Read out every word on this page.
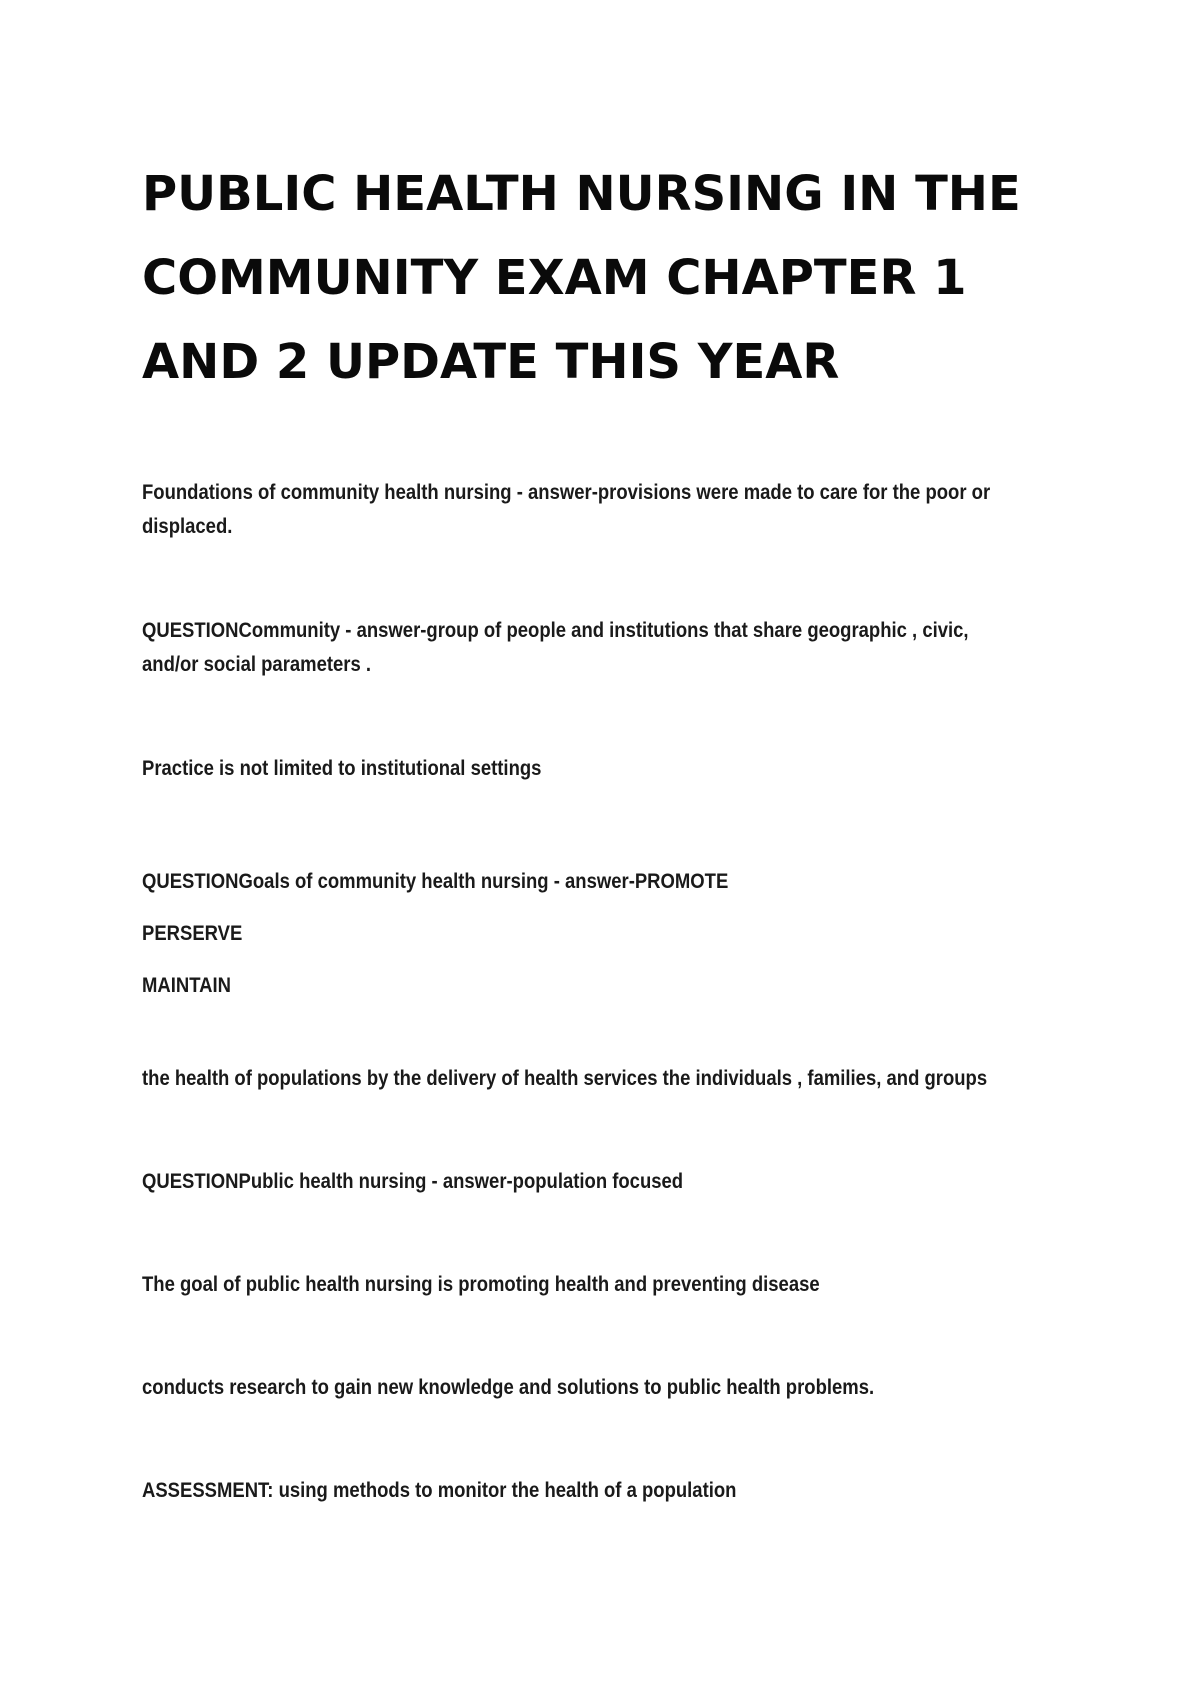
PUBLIC HEALTH NURSING IN THE
COMMUNITY EXAM CHAPTER 1
AND 2 UPDATE THIS YEAR

Foundations of community health nursing - answer-provisions were made to care for the poor or
displaced.

QUESTIONCommunity - answer-group of people and institutions that share geographic , civic,
and/or social parameters .

Practice is not limited to institutional settings

QUESTIONGoals of community health nursing - answer-PROMOTE
PERSERVE
MAINTAIN

the health of populations by the delivery of health services the individuals , families, and groups

QUESTIONPublic health nursing - answer-population focused

The goal of public health nursing is promoting health and preventing disease

conducts research to gain new knowledge and solutions to public health problems.

ASSESSMENT: using methods to monitor the health of a population
